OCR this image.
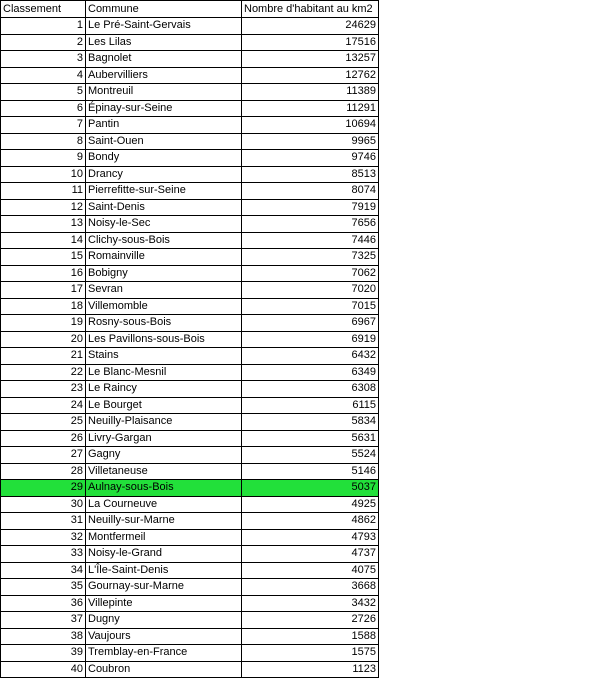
Classement	Commune	Nombre d'habitant au km2
1	Le Pré-Saint-Gervais	24629
2	Les Lilas	17516
3	Bagnolet	13257
4	Aubervilliers	12762
5	Montreuil	11389
6	Épinay-sur-Seine	11291
7	Pantin	10694
8	Saint-Ouen	9965
9	Bondy	9746
10	Drancy	8513
11	Pierrefitte-sur-Seine	8074
12	Saint-Denis	7919
13	Noisy-le-Sec	7656
14	Clichy-sous-Bois	7446
15	Romainville	7325
16	Bobigny	7062
17	Sevran	7020
18	Villemomble	7015
19	Rosny-sous-Bois	6967
20	Les Pavillons-sous-Bois	6919
21	Stains	6432
22	Le Blanc-Mesnil	6349
23	Le Raincy	6308
24	Le Bourget	6115
25	Neuilly-Plaisance	5834
26	Livry-Gargan	5631
27	Gagny	5524
28	Villetaneuse	5146
29	Aulnay-sous-Bois	5037
30	La Courneuve	4925
31	Neuilly-sur-Marne	4862
32	Montfermeil	4793
33	Noisy-le-Grand	4737
34	L'Île-Saint-Denis	4075
35	Gournay-sur-Marne	3668
36	Villepinte	3432
37	Dugny	2726
38	Vaujours	1588
39	Tremblay-en-France	1575
40	Coubron	1123
